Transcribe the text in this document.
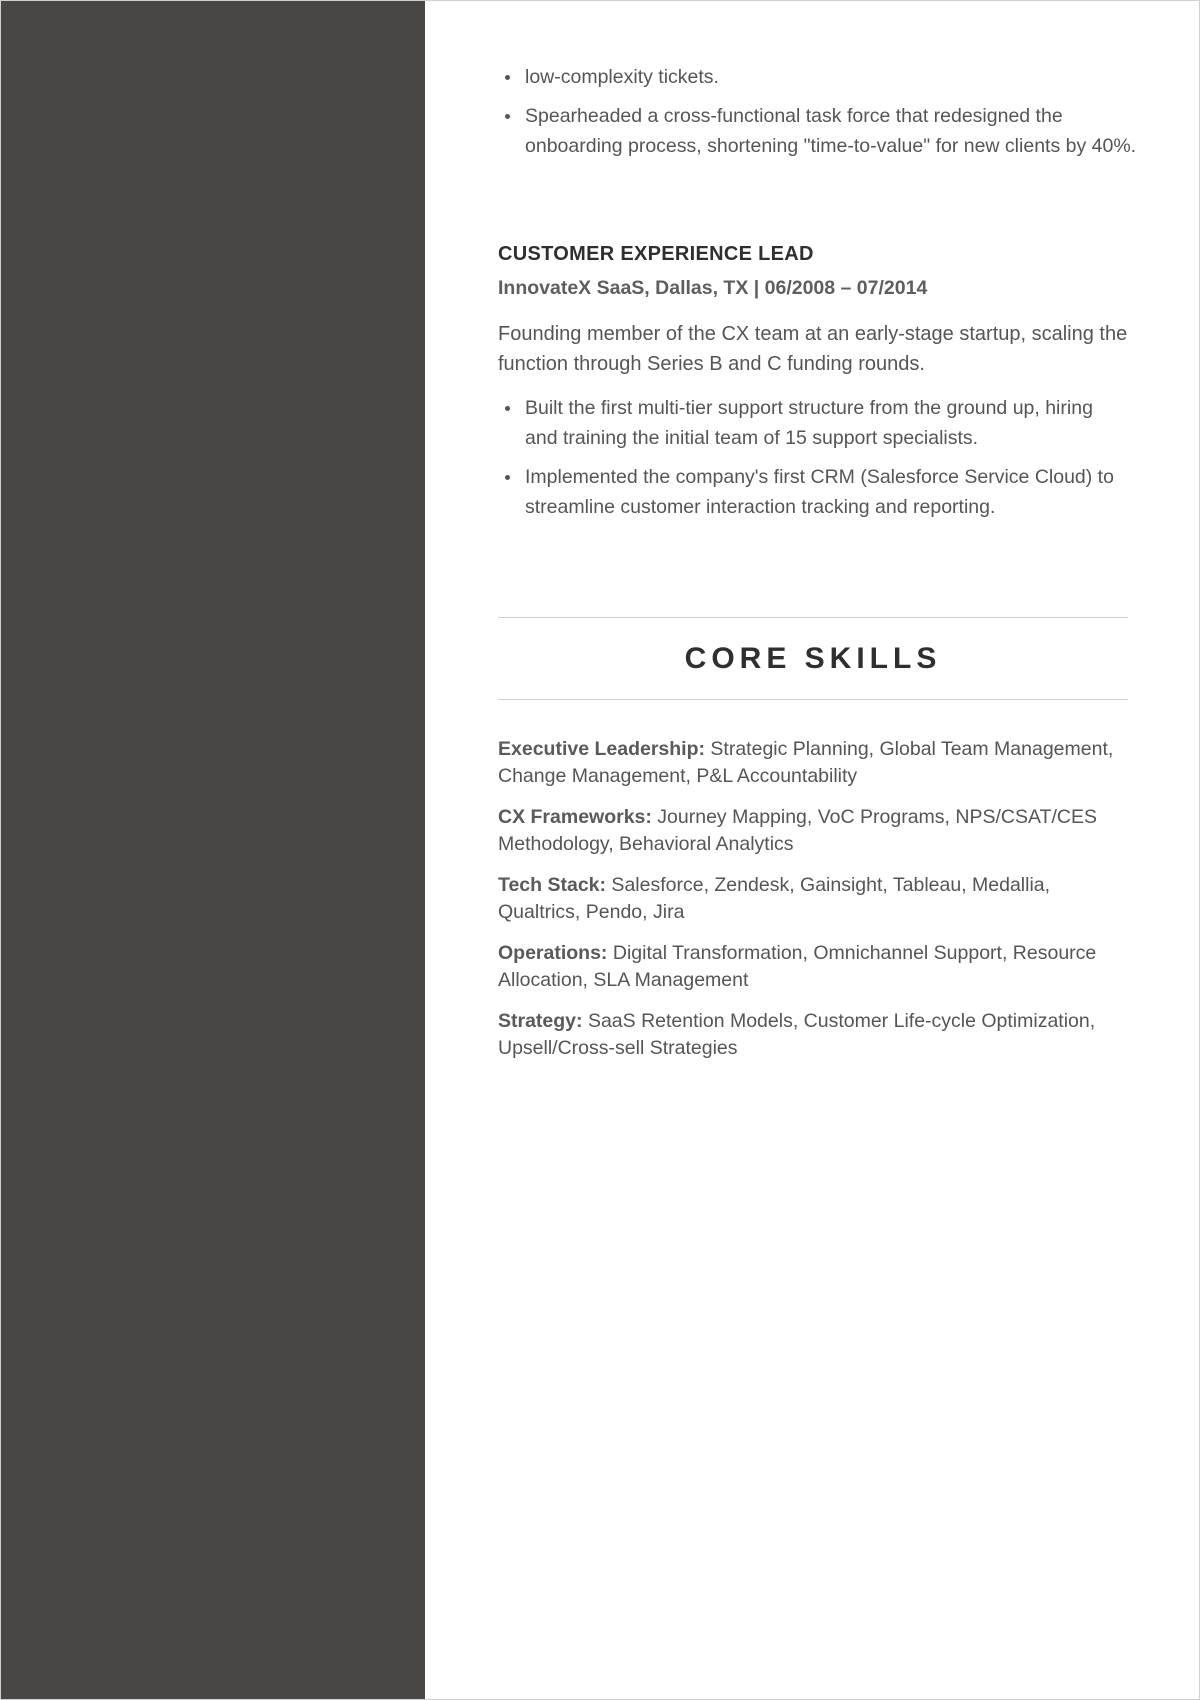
low-complexity tickets.
Spearheaded a cross-functional task force that redesigned the onboarding process, shortening "time-to-value" for new clients by 40%.
CUSTOMER EXPERIENCE LEAD

InnovateX SaaS, Dallas, TX | 06/2008 – 07/2014

Founding member of the CX team at an early-stage startup, scaling the function through Series B and C funding rounds.

Built the first multi-tier support structure from the ground up, hiring and training the initial team of 15 support specialists.
Implemented the company's first CRM (Salesforce Service Cloud) to streamline customer interaction tracking and reporting.
CORE SKILLS

Executive Leadership: Strategic Planning, Global Team Management, Change Management, P&L Accountability

CX Frameworks: Journey Mapping, VoC Programs, NPS/CSAT/CES Methodology, Behavioral Analytics

Tech Stack: Salesforce, Zendesk, Gainsight, Tableau, Medallia, Qualtrics, Pendo, Jira

Operations: Digital Transformation, Omnichannel Support, Resource Allocation, SLA Management

Strategy: SaaS Retention Models, Customer Life-cycle Optimization, Upsell/Cross-sell Strategies
